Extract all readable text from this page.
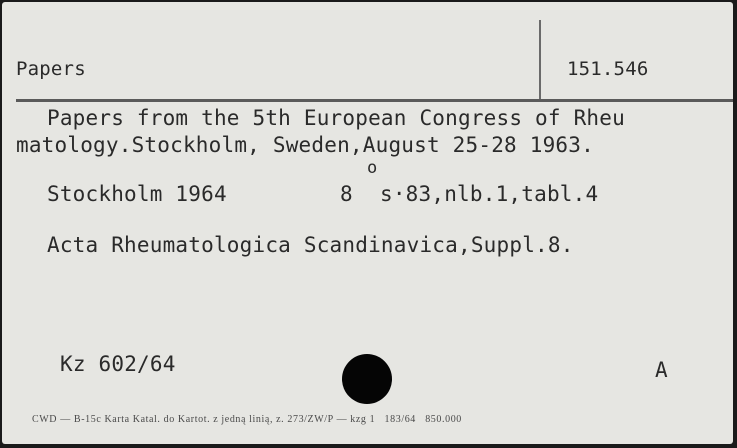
Papers	151.546
Papers from the 5th European Congress of Rheu
matology.Stockholm, Sweden,August 25-28 1963.
Stockholm 1964	8
o
s·83,nlb.1,tabl.4
Acta Rheumatologica Scandinavica,Suppl.8.
Kz 602/64	A
CWD — B-15c Karta Katal. do Kartot. z jedną linią, z. 273/ZW/P — kzg 1   183/64   850.000
